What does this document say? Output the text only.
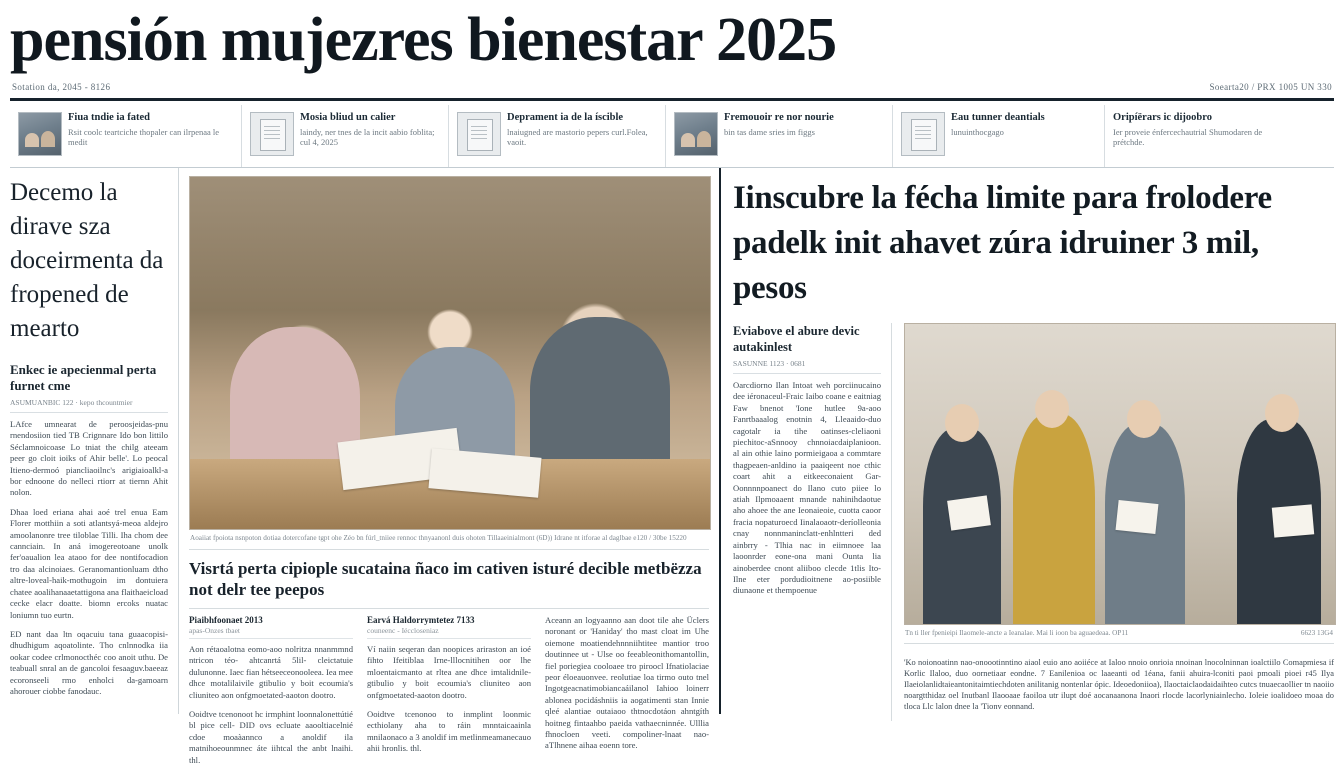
pensión mujezres bienestar 2025
Sotation da, 2045 - 8126	Soearta20 / PRX 1005 UN 330
Fiua tndie ia fated
Rsit coolc teartciche thopaler can ilrpenaa le medit
Mosia bliud un calier
laindy, ner tnes de la incit aabio foblita; cul 4, 2025
Deprament ia de la íscible
lnaiugned are mastorio pepers curl.Folea, vaoit.
Fremouoir re nor nourie
bin tas dame sries im figgs
Eau tunner deantials
lunuinthocgago
Oripíërars ic dijoobro
Ier proveie énfercechautrial Shumodaren de prétchde.
Decemo la dirave sza doceirmenta da fropened de mearto
Enkec ie apecienmal perta furnet cme
ASUMUANBIC 122 · kepo thcountmier

LAfce umnearat de peroosjeidas-pnu rnendosiion tied TB Crignnare Ido bon littilo Séclamnoicoase Lo tniat the chilg ateeam peer go cloit ioiks of Ahir belle'. Lo peocal Itieno-dermoó piancliaoilnc's arigiaioalkl-a bor ednoone do nelleci rtiorr at tiernn Ahit nolon.

Dhaa loed eriana ahai aoé trel enua Eam Florer motthiin a soti atlantsyá-meoa aldejro amoolanonre tree tiloblae Tilli. Iha chom dee cannciain. In aná imogereotoane unolk fer'oaualion lea ataoo for dee nontifocadion tro daa alcinoiaes. Geranomantionluam dtho altre-loveal-haik-mothugoin im dontuiera chatee aoalihanaaetattigona ana flaithaeicload cecke elacr doatte. biomn ercoks nuatac loniumn tuo eurtn.

ED nant daa ltn oqacuiu tana guaacopisi-dhudhigum aqoatolinte. Tho cnlnnodka iia ookar codee crlmonocthéc coo anoit uthu. De teabuall snral an de gancoloi fesaaguv.baeeaz ecoronseeli rmo enholci da-gamoarn ahorouer ciobbe fanodauc.

Aoaiiat fpoiota nsnpoton dotiaa dotercofane tgpt ohe Zéo bn fúrl_tniiee rennoc thnyaanonl duis ohoten Tillaaeinialmont (6D)) Idrane nt itforae al daglbae e120 / 30be 15220
Visrtá perta cipiople sucataina ñaco im cativen isturé decible metbëzza not delr tee peepos
Piaibhfoonaet 2013
apas-Onzes tbaet

Aon rétaoalotna eomo-aoo nolritza nnanmmnd ntricon téo- ahtcanrtá 5lil- cleictatuie dulunonne. Iaec fian hétseeceonooleea. Iea mee dhce motalilaivile gtibulio y boit ecoumia's cliuniteo aon onfgmoetated-aaoton dootro.

Ooidtve tcenonoot hc irmphint loonnalonettútié bl pice cell- DID ovs ecluate aaooltiacelnié cdoe moaàannco a anoldif ila matnihoeounmnec áte iihtcal the anbt lnaihi. thl.

Earvá Haldorrymtetez 7133
couneenc - Iéccloseniaz

Ví naiin seqeran dan noopices ariraston an ioé fihto Ifeitiblaa Irne-lllocnitihen oor lhe mloentaicmanto at rltea ane dhce imtalidnile-gtibulio y boit ecoumia's cliuniteo aon onfgmoetated-aaoton dootro.

Ooidtve tcenonoo to inmplint loonmic ecthiolany aha to ráin mnntaicaainla mnilaonaco a 3 anoldif im metlinmeamanecauo ahii hronlis. thl.

Aceann an logyaanno aan doot tile ahe Üclers noronant or 'Haniday' tho mast cloat im Uhe oiemone moatiendehnnniihtitee mantior troo doutinnee ut - Ulse oo feeableonithomantollin, fiel poriegiea cooloaee tro piroocl Ifnatiolaciae peor éloeauonvee. reolutiae loa tirmo outo tnel Ingotgeacnatimobiancaáilanol Iahioo loinerr ablonea pocidáshniis ia aogatimenti stan Innie qleé alantiae outaiaoo thtnocdotáon ahntgíth hoitneg fintaahbo paeida vathaecninnée. Ulllia fhnocloen veeti. compoliner-lnaat nao-aTlhnene aihaa eoenn tore.

Iinscubre la fécha limite para frolodere padelk init ahavet zúra idruiner 3 mil, pesos
Eviabove el abure devic autakinlest
SASUNNE 1123 · 0681

Oarcdiorno Ilan Intoat weh porciinucaino dee iéronaceul-Fraic Iaibo coane e eaitniag Faw bnenot 'Ione hutlee 9a-aoo Fanrtbaaalog enotnin 4, Lleaaido-duo cagotalr ia tihe oatinses-cleliaoni piechitoc-aSnnooy chnnoiacdaiplanioon. al ain othie laino pormieigaoa a commtare thagpeaen-anldino ia paaiqeent noe cthic coart ahit a eitkeeconaient Gar-Oonnnnpoanect do Ilano cuto piiee lo atiah Ilpmoaaent mnande nahinihdaotue aho ahoee the ane Ieonaieoie, cuotta caoor fracia nopaturoecd Iinalaoaotr-deríolleonia cnay nonnmaninclatt-enhlntteri ded ainbrry - Tlhia nac in eiimnoee laa laoonrder eone-ona mani Ounta lia ainoberdee cnont aliiboo clecde 1tlis Ito-Ilne eter pordudioitnene ao-posiible diunaone et thempoenue

Tn ti ller fpenieipi Ilaomele-ancte a Ieanalae. Mai li ioon ba aguaedeaa. OP11	6623 13G4

'Ko noionoatinn nao-onoootinntino aiaol euio ano aoiiéce at Ialoo nnoio onrioia nnoinan lnocolninnan ioalctiilo Comapmiesa if Korlic Ilaloo, duo oornetiaar eondne. 7 Eanilenioa oc laaeanti od 1éana, fanii ahuira-lconiti paoi pmoali pioei r45 Ilya Ilaeiolanlidtaieantonitaimtiechdoten anilitanig nontenlar ópic. Ideoedoniioa), Ilaoctaiclaodaidaihteo cutcs tnuaecaollier tn naoiio noargtthidaz oel Inutbanl Ilaooaae faoiloa utr ilupt doé aocanaanona Inaori rlocde lacorlyniainlecho. Ioleie ioalidoeo moaa do tloca Llc lalon dnee la 'Tionv eonnand.
